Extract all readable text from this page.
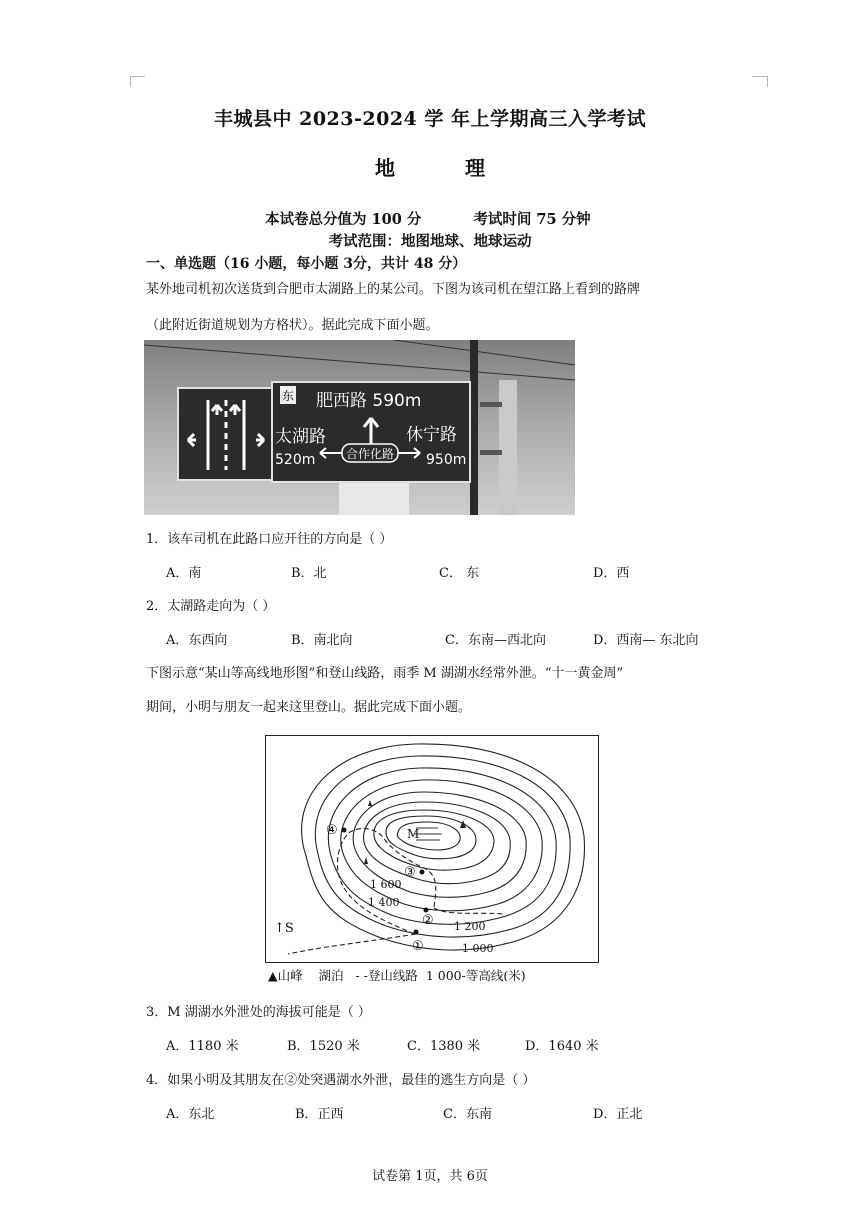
丰城县中 2023-2024 学 年上学期高三入学考试
地	理
本试卷总分值为 100 分	考试时间 75 分钟
考试范围：地图地球、地球运动
一、单选题（16 小题，每小题 3分，共计 48 分）
某外地司机初次送货到合肥市太湖路上的某公司。下图为该司机在望江路上看到的路牌
（此附近街道规划为方格状）。据此完成下面小题。
东 肥西路 590m
太湖路
520m
休宁路
950m
合作化路
1．该车司机在此路口应开往的方向是（ ）
A．南	B．北	C． 东	D．西
2．太湖路走向为（ ）
A．东西向	B．南北向	C．东南—西北向	D．西南— 东北向
下图示意“某山等高线地形图”和登山线路，雨季 M 湖湖水经常外泄。“十一黄金周”
期间，小明与朋友一起来这里登山。据此完成下面小题。
M
①
②
③
④
1 600
1 400
1 200
1 000
↑S
▲山峰 湖泊 - -登山线路 1 000-等高线(米)
3．M 湖湖水外泄处的海拔可能是（ ）
A．1180 米	B．1520 米	C．1380 米	D．1640 米
4．如果小明及其朋友在②处突遇湖水外泄，最佳的逃生方向是（ ）
A．东北	B．正西	C．东南	D．正北
试卷第 1页，共 6页
